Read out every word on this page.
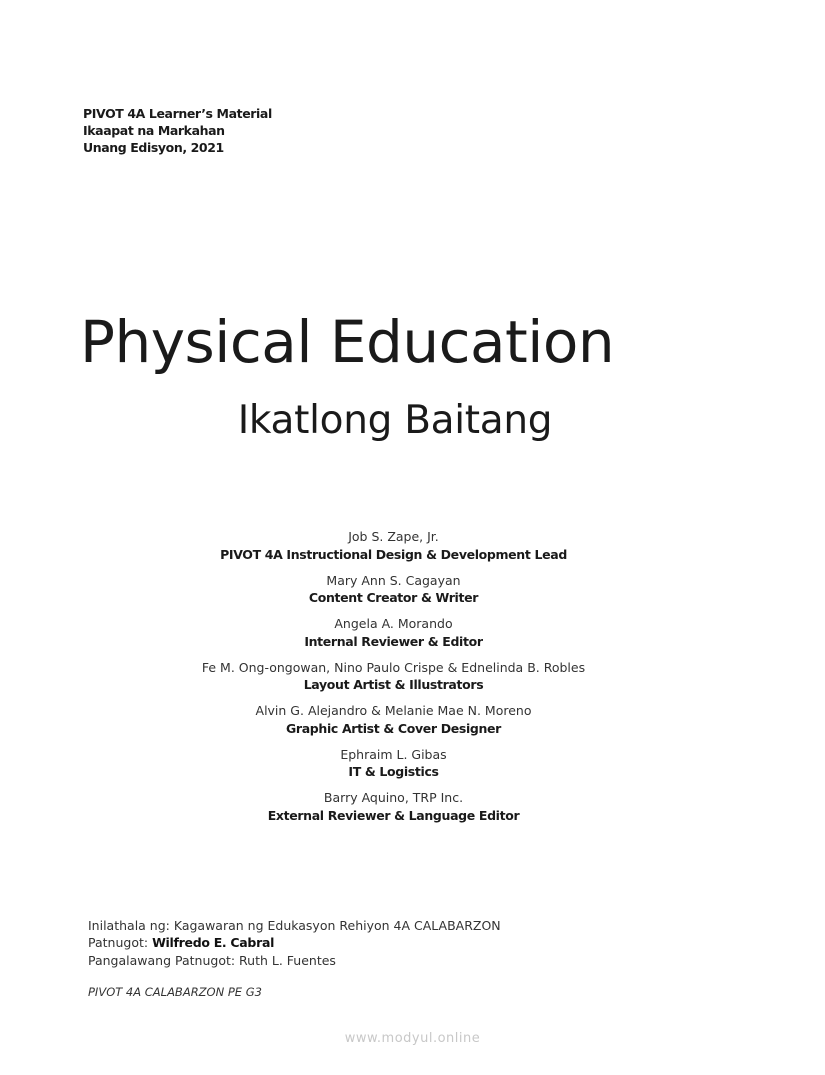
PIVOT 4A Learner’s Material
Ikaapat na Markahan
Unang Edisyon, 2021
Physical Education
Ikatlong Baitang
Job S. Zape, Jr.
PIVOT 4A Instructional Design & Development Lead
Mary Ann S. Cagayan
Content Creator & Writer
Angela A. Morando
Internal Reviewer & Editor
Fe M. Ong-ongowan, Nino Paulo Crispe & Ednelinda B. Robles
Layout Artist & Illustrators
Alvin G. Alejandro & Melanie Mae N. Moreno
Graphic Artist & Cover Designer
Ephraim L. Gibas
IT & Logistics
Barry Aquino, TRP Inc.
External Reviewer & Language Editor
Inilathala ng: Kagawaran ng Edukasyon Rehiyon 4A CALABARZON
Patnugot: Wilfredo E. Cabral
Pangalawang Patnugot: Ruth L. Fuentes
PIVOT 4A CALABARZON PE G3
www.modyul.online
